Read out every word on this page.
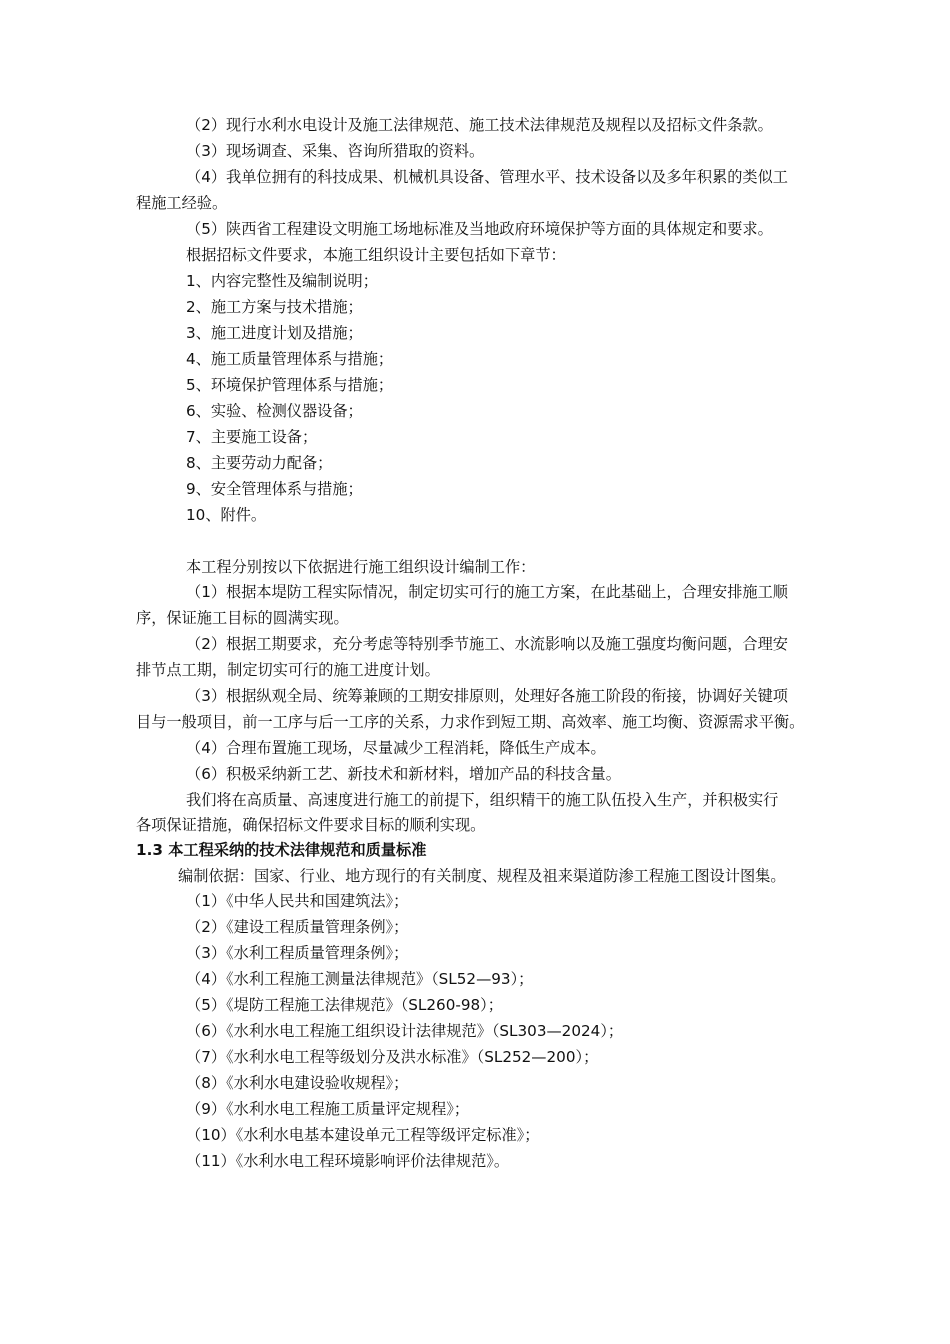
（2）现行水利水电设计及施工法律规范、施工技术法律规范及规程以及招标文件条款。
（3）现场调查、采集、咨询所猎取的资料。
（4）我单位拥有的科技成果、机械机具设备、管理水平、技术设备以及多年积累的类似工
程施工经验。
（5）陕西省工程建设文明施工场地标准及当地政府环境保护等方面的具体规定和要求。
根据招标文件要求，本施工组织设计主要包括如下章节：
1、内容完整性及编制说明；
2、施工方案与技术措施；
3、施工进度计划及措施；
4、施工质量管理体系与措施；
5、环境保护管理体系与措施；
6、实验、检测仪器设备；
7、主要施工设备；
8、主要劳动力配备；
9、安全管理体系与措施；
10、附件。
本工程分别按以下依据进行施工组织设计编制工作：
（1）根据本堤防工程实际情况，制定切实可行的施工方案，在此基础上，合理安排施工顺
序，保证施工目标的圆满实现。
（2）根据工期要求，充分考虑等特别季节施工、水流影响以及施工强度均衡问题，合理安
排节点工期，制定切实可行的施工进度计划。
（3）根据纵观全局、统筹兼顾的工期安排原则，处理好各施工阶段的衔接，协调好关键项
目与一般项目，前一工序与后一工序的关系，力求作到短工期、高效率、施工均衡、资源需求平衡。
（4）合理布置施工现场，尽量减少工程消耗，降低生产成本。
（6）积极采纳新工艺、新技术和新材料，增加产品的科技含量。
我们将在高质量、高速度进行施工的前提下，组织精干的施工队伍投入生产，并积极实行
各项保证措施，确保招标文件要求目标的顺利实现。
1.3 本工程采纳的技术法律规范和质量标准
编制依据：国家、行业、地方现行的有关制度、规程及祖来渠道防渗工程施工图设计图集。
（1）《中华人民共和国建筑法》；
（2）《建设工程质量管理条例》；
（3）《水利工程质量管理条例》；
（4）《水利工程施工测量法律规范》（SL52—93）；
（5）《堤防工程施工法律规范》（SL260-98）；
（6）《水利水电工程施工组织设计法律规范》（SL303—2024）；
（7）《水利水电工程等级划分及洪水标准》（SL252—200）；
（8）《水利水电建设验收规程》；
（9）《水利水电工程施工质量评定规程》；
（10）《水利水电基本建设单元工程等级评定标准》；
（11）《水利水电工程环境影响评价法律规范》。
